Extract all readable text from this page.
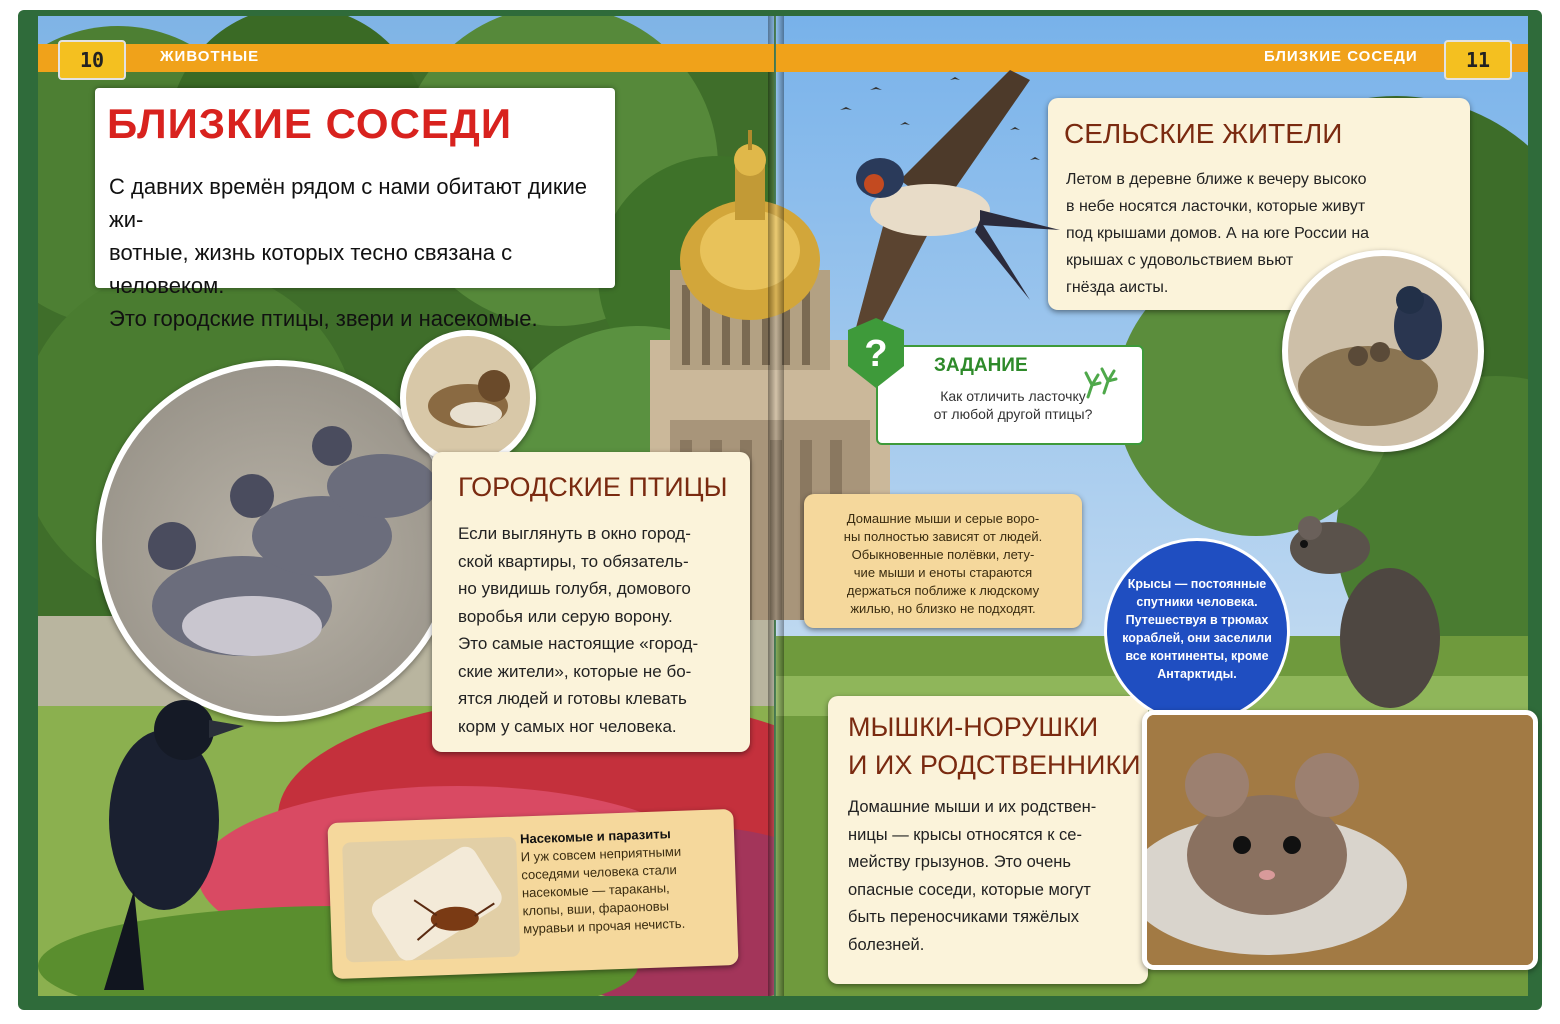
10	ЖИВОТНЫЕ	БЛИЗКИЕ СОСЕДИ	11
БЛИЗКИЕ СОСЕДИ
С давних времён рядом с нами обитают дикие жи-
вотные, жизнь которых тесно связана с человеком.
Это городские птицы, звери и насекомые.
ГОРОДСКИЕ ПТИЦЫ

Если выглянуть в окно город-

ской квартиры, то обязатель-

но увидишь голубя, домового

воробья или серую ворону.

Это самые настоящие «город-

ские жители», которые не бо-

ятся людей и готовы клевать

корм у самых ног человека.

Насекомые и паразиты

И уж совсем неприятными

соседями человека стали

насекомые — тараканы,

клопы, вши, фараоновы

муравьи и прочая нечисть.

? ЗАДАНИЕ
Как отличить ласточку
от любой другой птицы?
СЕЛЬСКИЕ ЖИТЕЛИ

Летом в деревне ближе к вечеру высоко

в небе носятся ласточки, которые живут

под крышами домов. А на юге России на

крышах с удовольствием вьют

гнёзда аисты.

Домашние мыши и серые воро-

ны полностью зависят от людей.

Обыкновенные полёвки, лету-

чие мыши и еноты стараются

держаться поближе к людскому

жилью, но близко не подходят.

Крысы — постоянные
спутники человека.
Путешествуя в трюмах
кораблей, они заселили
все континенты, кроме
Антарктиды.
МЫШКИ-НОРУШКИ
И ИХ РОДСТВЕННИКИ

Домашние мыши и их родствен-

ницы — крысы относятся к се-

мейству грызунов. Это очень

опасные соседи, которые могут

быть переносчиками тяжёлых

болезней.
